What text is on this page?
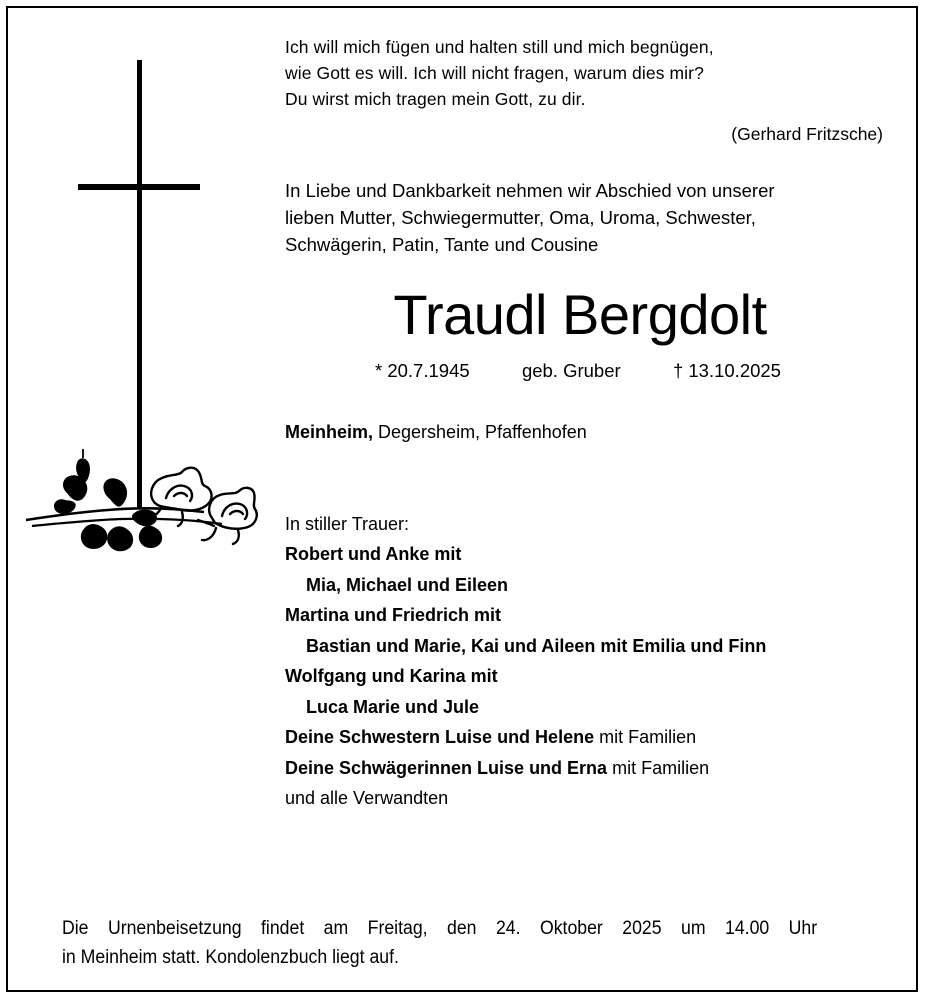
Ich will mich fügen und halten still und mich begnügen,
wie Gott es will. Ich will nicht fragen, warum dies mir?
Du wirst mich tragen mein Gott, zu dir.
(Gerhard Fritzsche)
In Liebe und Dankbarkeit nehmen wir Abschied von unserer
lieben Mutter, Schwiegermutter, Oma, Uroma, Schwester,
Schwägerin, Patin, Tante und Cousine
Traudl Bergdolt
* 20.7.1945	geb. Gruber	† 13.10.2025
Meinheim, Degersheim, Pfaffenhofen
In stiller Trauer:
Robert und Anke mit
Mia, Michael und Eileen
Martina und Friedrich mit
Bastian und Marie, Kai und Aileen mit Emilia und Finn
Wolfgang und Karina mit
Luca Marie und Jule
Deine Schwestern Luise und Helene mit Familien
Deine Schwägerinnen Luise und Erna mit Familien
und alle Verwandten
Die Urnenbeisetzung findet am Freitag, den 24. Oktober 2025 um 14.00 Uhr
in Meinheim statt. Kondolenzbuch liegt auf.
